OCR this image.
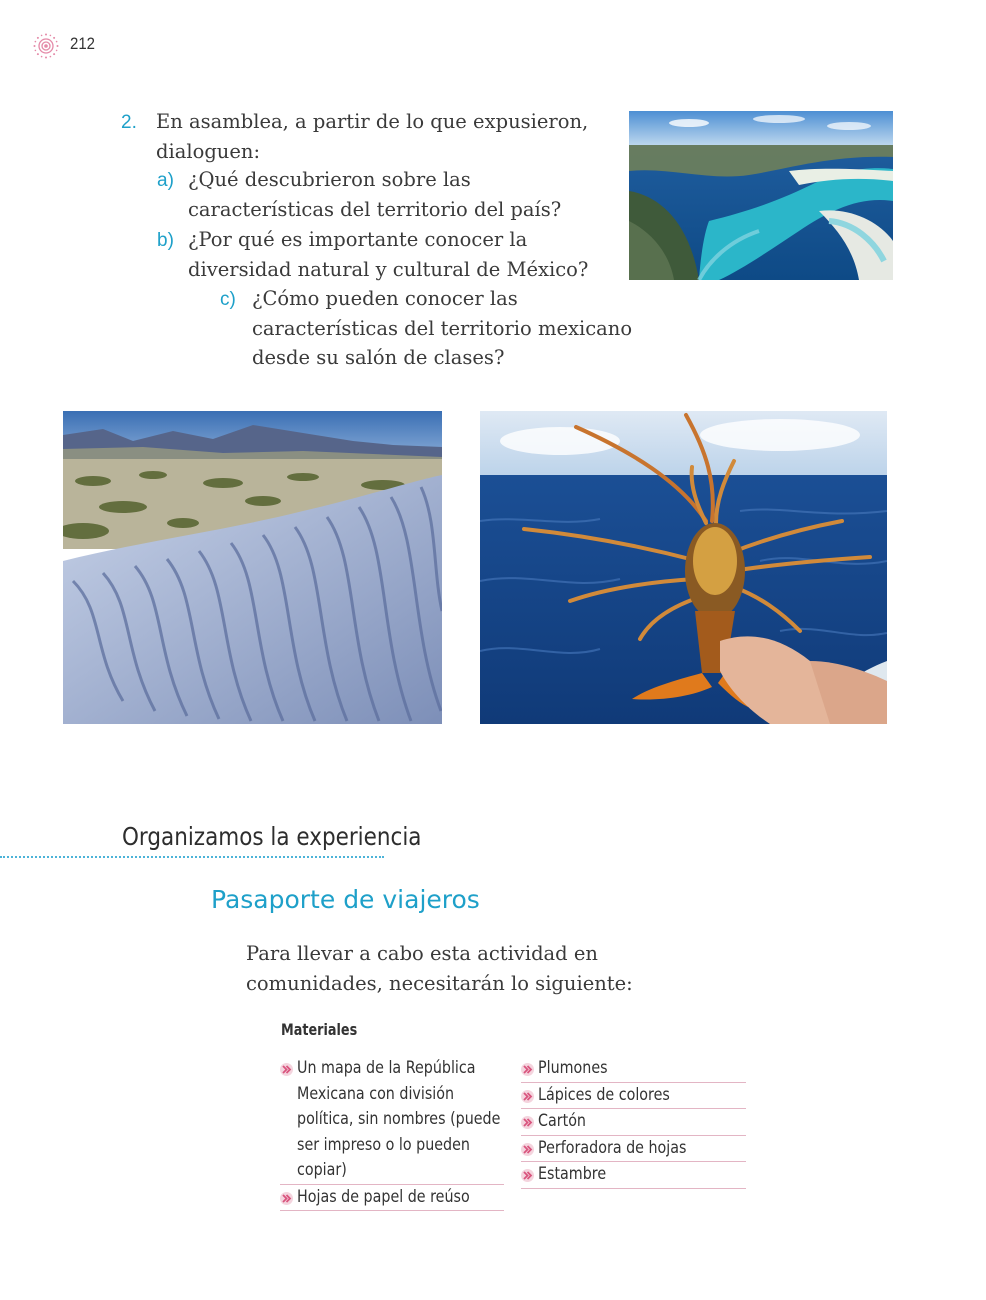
212
2. En asamblea, a partir de lo que expusieron, dialoguen:
a) ¿Qué descubrieron sobre las características del territorio del país?
b) ¿Por qué es importante conocer la diversidad natural y cultural de México?
c) ¿Cómo pueden conocer las características del territorio mexicano desde su salón de clases?
Organizamos la experiencia
Pasaporte de viajeros
Para llevar a cabo esta actividad en comunidades, necesitarán lo siguiente:
Materiales
Un mapa de la República Mexicana con división política, sin nombres (puede ser impreso o lo pueden copiar)
Hojas de papel de reúso
Plumones
Lápices de colores
Cartón
Perforadora de hojas
Estambre
